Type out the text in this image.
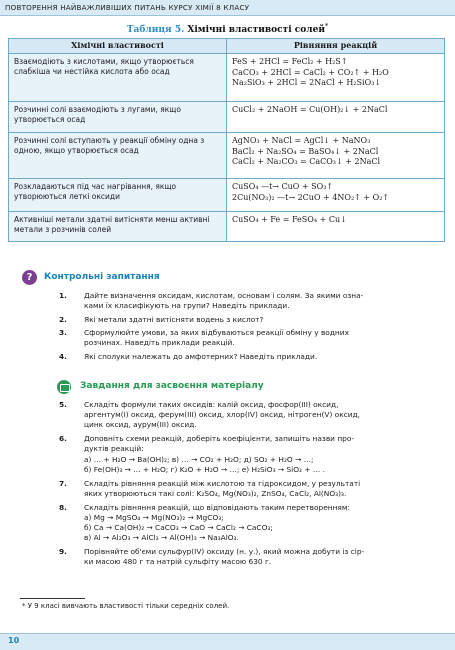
ПОВТОРЕННЯ НАЙВАЖЛИВІШИХ ПИТАНЬ КУРСУ ХІМІЇ 8 КЛАСУ
Таблиця 5. Хімічні властивості солей*
Хімічні властивості	Рівняння реакцій
Взаємодіють з кислотами, якщо утворюється слабкіша чи нестійка кислота або осад	FeS + 2HCl = FeCl₂ + H₂S↑
CaCO₃ + 2HCl = CaCl₂ + CO₂↑ + H₂O
Na₂SiO₃ + 2HCl = 2NaCl + H₂SiO₃↓

Розчинні солі взаємодіють з лугами, якщо утворюється осад	CuCl₂ + 2NaOH = Cu(OH)₂↓ + 2NaCl

Розчинні солі вступають у реакції обміну одна з одною, якщо утворюється осад	AgNO₃ + NaCl = AgCl↓ + NaNO₃
BaCl₂ + Na₂SO₄ = BaSO₄↓ + 2NaCl
CaCl₂ + Na₂CO₃ = CaCO₃↓ + 2NaCl

Розкладаються під час нагрівання, якщо утворюються леткі оксиди	CuSO₄ —t→ CuO + SO₃↑
2Cu(NO₃)₂ —t→ 2CuO + 4NO₂↑ + O₂↑

Активніші метали здатні витісняти менш активні метали з розчинів солей	CuSO₄ + Fe = FeSO₄ + Cu↓
?	Контрольні запитання
1. Дайте визначення оксидам, кислотам, основам і солям. За якими озна-
ками їх класифікують на групи? Наведіть приклади.
2. Які метали здатні витісняти водень з кислот?
3. Сформулюйте умови, за яких відбуваються реакції обміну у водних
розчинах. Наведіть приклади реакцій.
4. Які сполуки належать до амфотерних? Наведіть приклади.
Завдання для засвоєння матеріалу
5. Складіть формули таких оксидів: калій оксид, фосфор(III) оксид,
аргентум(І) оксид, ферум(ІІІ) оксид, хлор(IV) оксид, нітроген(V) оксид,
цинк оксид, аурум(ІІІ) оксид.
6. Доповніть схеми реакцій, доберіть коефіцієнти, запишіть назви про-
дуктів реакцій:
а) … + H₂O → Ba(OH)₂; в) … → CO₂ + H₂O; д) SO₂ + H₂O → …;
б) Fe(OH)₃ → … + H₂O; г) K₂O + H₂O → …; е) H₂SiO₃ → SiO₂ + … .
7. Складіть рівняння реакцій між кислотою та гідроксидом, у результаті
яких утворюються такі солі: K₂SO₄, Mg(NO₃)₂, ZnSO₄, CaCl₂, Al(NO₃)₃.
8. Складіть рівняння реакцій, що відповідають таким перетворенням:
а) Mg → MgSO₄ → Mg(NO₃)₂ → MgCO₃;
б) Ca → Ca(OH)₂ → CaCO₃ → CaO → CaCl₂ → CaCO₃;
в) Al → Al₂O₃ → AlCl₃ → Al(OH)₃ → Na₃AlO₃.
9. Порівняйте об'єми сульфур(IV) оксиду (н. у.), який можна добути із сір-
ки масою 480 г та натрій сульфіту масою 630 г.
* У 9 класі вивчають властивості тільки середніх солей.
10
